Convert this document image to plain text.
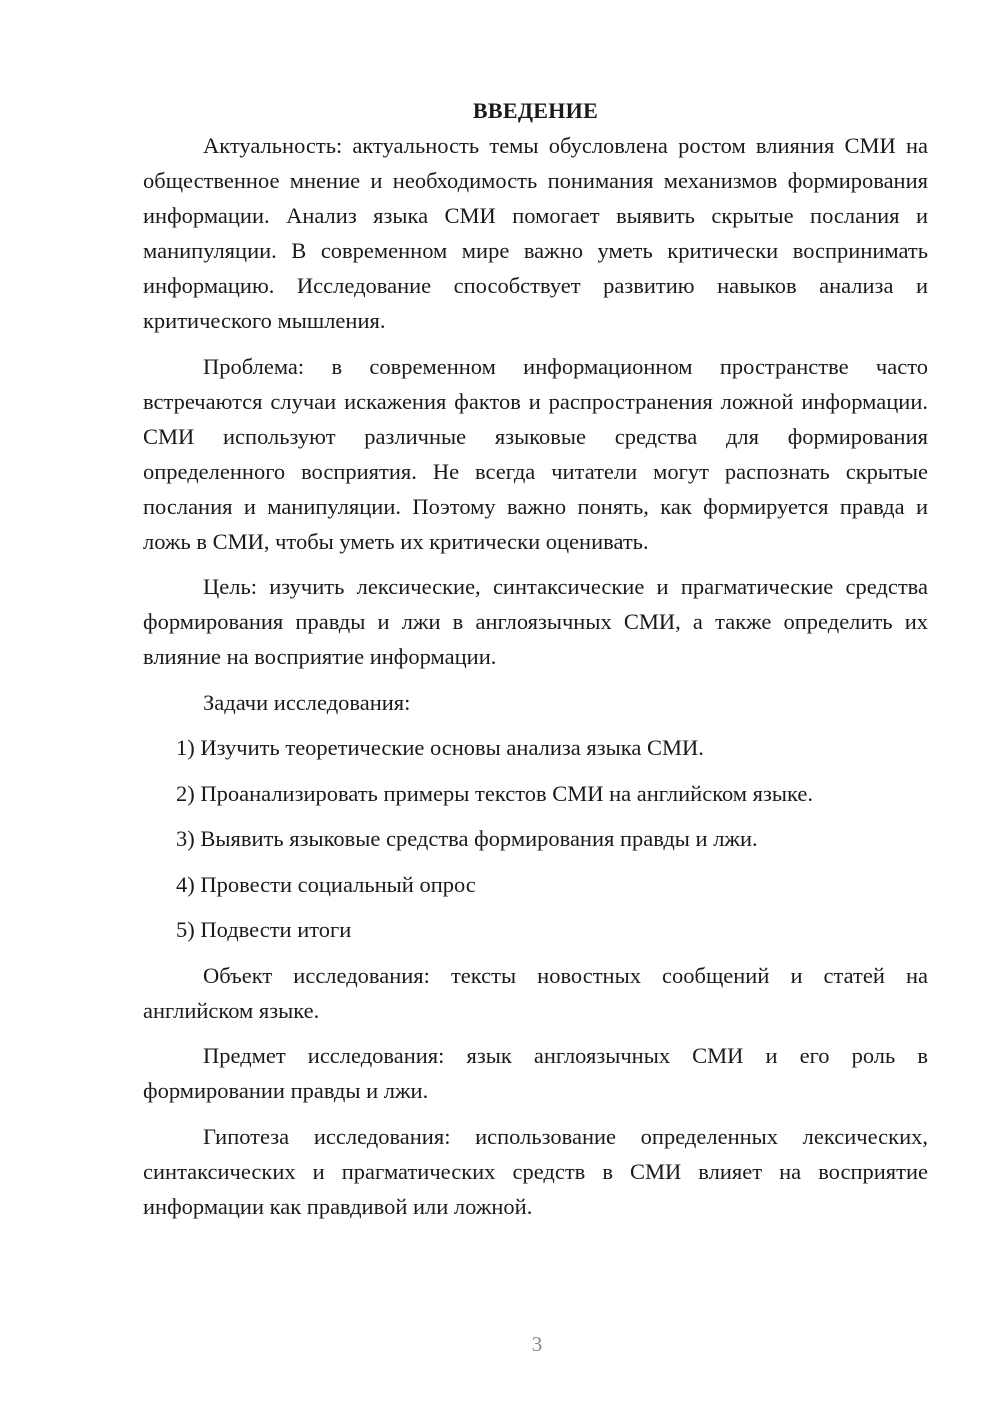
ВВЕДЕНИЕ

Актуальность: актуальность темы обусловлена ростом влияния СМИ на общественное мнение и необходимость понимания механизмов формирования информации. Анализ языка СМИ помогает выявить скрытые послания и манипуляции. В современном мире важно уметь критически воспринимать информацию. Исследование способствует развитию навыков анализа и критического мышления.

Проблема: в современном информационном пространстве часто встречаются случаи искажения фактов и распространения ложной информации. СМИ используют различные языковые средства для формирования определенного восприятия. Не всегда читатели могут распознать скрытые послания и манипуляции. Поэтому важно понять, как формируется правда и ложь в СМИ, чтобы уметь их критически оценивать.

Цель: изучить лексические, синтаксические и прагматические средства формирования правды и лжи в англоязычных СМИ, а также определить их влияние на восприятие информации.

Задачи исследования:

1) Изучить теоретические основы анализа языка СМИ.

2) Проанализировать примеры текстов СМИ на английском языке.

3) Выявить языковые средства формирования правды и лжи.

4) Провести социальный опрос

5) Подвести итоги

Объект исследования: тексты новостных сообщений и статей на английском языке.

Предмет исследования: язык англоязычных СМИ и его роль в формировании правды и лжи.

Гипотеза исследования: использование определенных лексических, синтаксических и прагматических средств в СМИ влияет на восприятие информации как правдивой или ложной.

3
